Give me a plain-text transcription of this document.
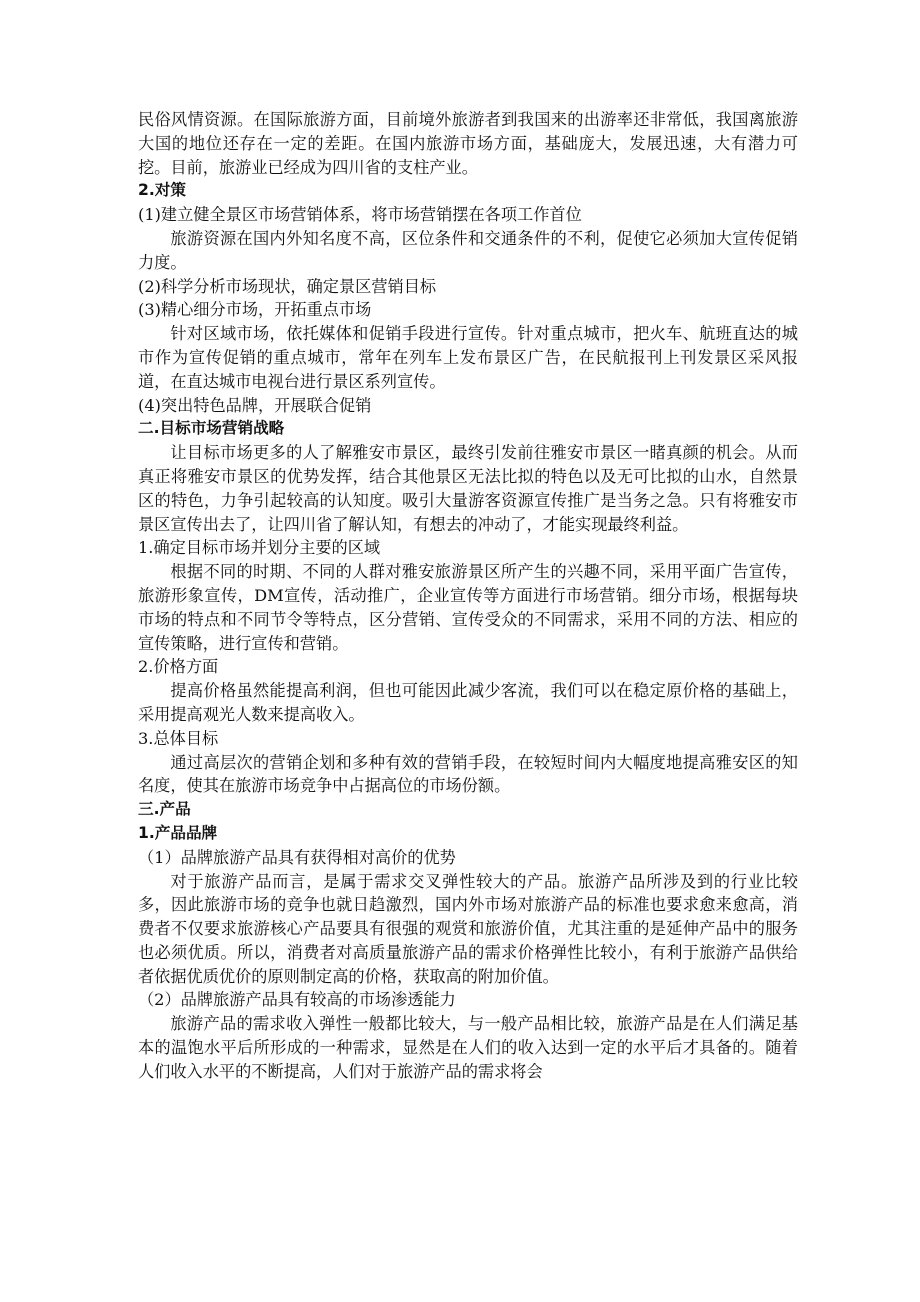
民俗风情资源。在国际旅游方面，目前境外旅游者到我国来的出游率还非常低，我国离旅游大国的地位还存在一定的差距。在国内旅游市场方面，基础庞大，发展迅速，大有潜力可挖。目前，旅游业已经成为四川省的支柱产业。

2.对策

(1)建立健全景区市场营销体系，将市场营销摆在各项工作首位

旅游资源在国内外知名度不高，区位条件和交通条件的不利，促使它必须加大宣传促销力度。

(2)科学分析市场现状，确定景区营销目标

(3)精心细分市场，开拓重点市场

针对区域市场，依托媒体和促销手段进行宣传。针对重点城市，把火车、航班直达的城市作为宣传促销的重点城市，常年在列车上发布景区广告，在民航报刊上刊发景区采风报道，在直达城市电视台进行景区系列宣传。

(4)突出特色品牌，开展联合促销

二.目标市场营销战略

让目标市场更多的人了解雅安市景区，最终引发前往雅安市景区一睹真颜的机会。从而真正将雅安市景区的优势发挥，结合其他景区无法比拟的特色以及无可比拟的山水，自然景区的特色，力争引起较高的认知度。吸引大量游客资源宣传推广是当务之急。只有将雅安市景区宣传出去了，让四川省了解认知，有想去的冲动了，才能实现最终利益。

1.确定目标市场并划分主要的区域

根据不同的时期、不同的人群对雅安旅游景区所产生的兴趣不同，采用平面广告宣传，旅游形象宣传，DM宣传，活动推广，企业宣传等方面进行市场营销。细分市场，根据每块市场的特点和不同节令等特点，区分营销、宣传受众的不同需求，采用不同的方法、相应的宣传策略，进行宣传和营销。

2.价格方面

提高价格虽然能提高利润，但也可能因此减少客流，我们可以在稳定原价格的基础上，采用提高观光人数来提高收入。

3.总体目标

通过高层次的营销企划和多种有效的营销手段，在较短时间内大幅度地提高雅安区的知名度，使其在旅游市场竞争中占据高位的市场份额。

三.产品

1.产品品牌

（1）品牌旅游产品具有获得相对高价的优势

对于旅游产品而言，是属于需求交叉弹性较大的产品。旅游产品所涉及到的行业比较多，因此旅游市场的竞争也就日趋激烈，国内外市场对旅游产品的标准也要求愈来愈高，消费者不仅要求旅游核心产品要具有很强的观赏和旅游价值，尤其注重的是延伸产品中的服务也必须优质。所以，消费者对高质量旅游产品的需求价格弹性比较小，有利于旅游产品供给者依据优质优价的原则制定高的价格，获取高的附加价值。

（2）品牌旅游产品具有较高的市场渗透能力

旅游产品的需求收入弹性一般都比较大，与一般产品相比较，旅游产品是在人们满足基本的温饱水平后所形成的一种需求，显然是在人们的收入达到一定的水平后才具备的。随着人们收入水平的不断提高，人们对于旅游产品的需求将会
